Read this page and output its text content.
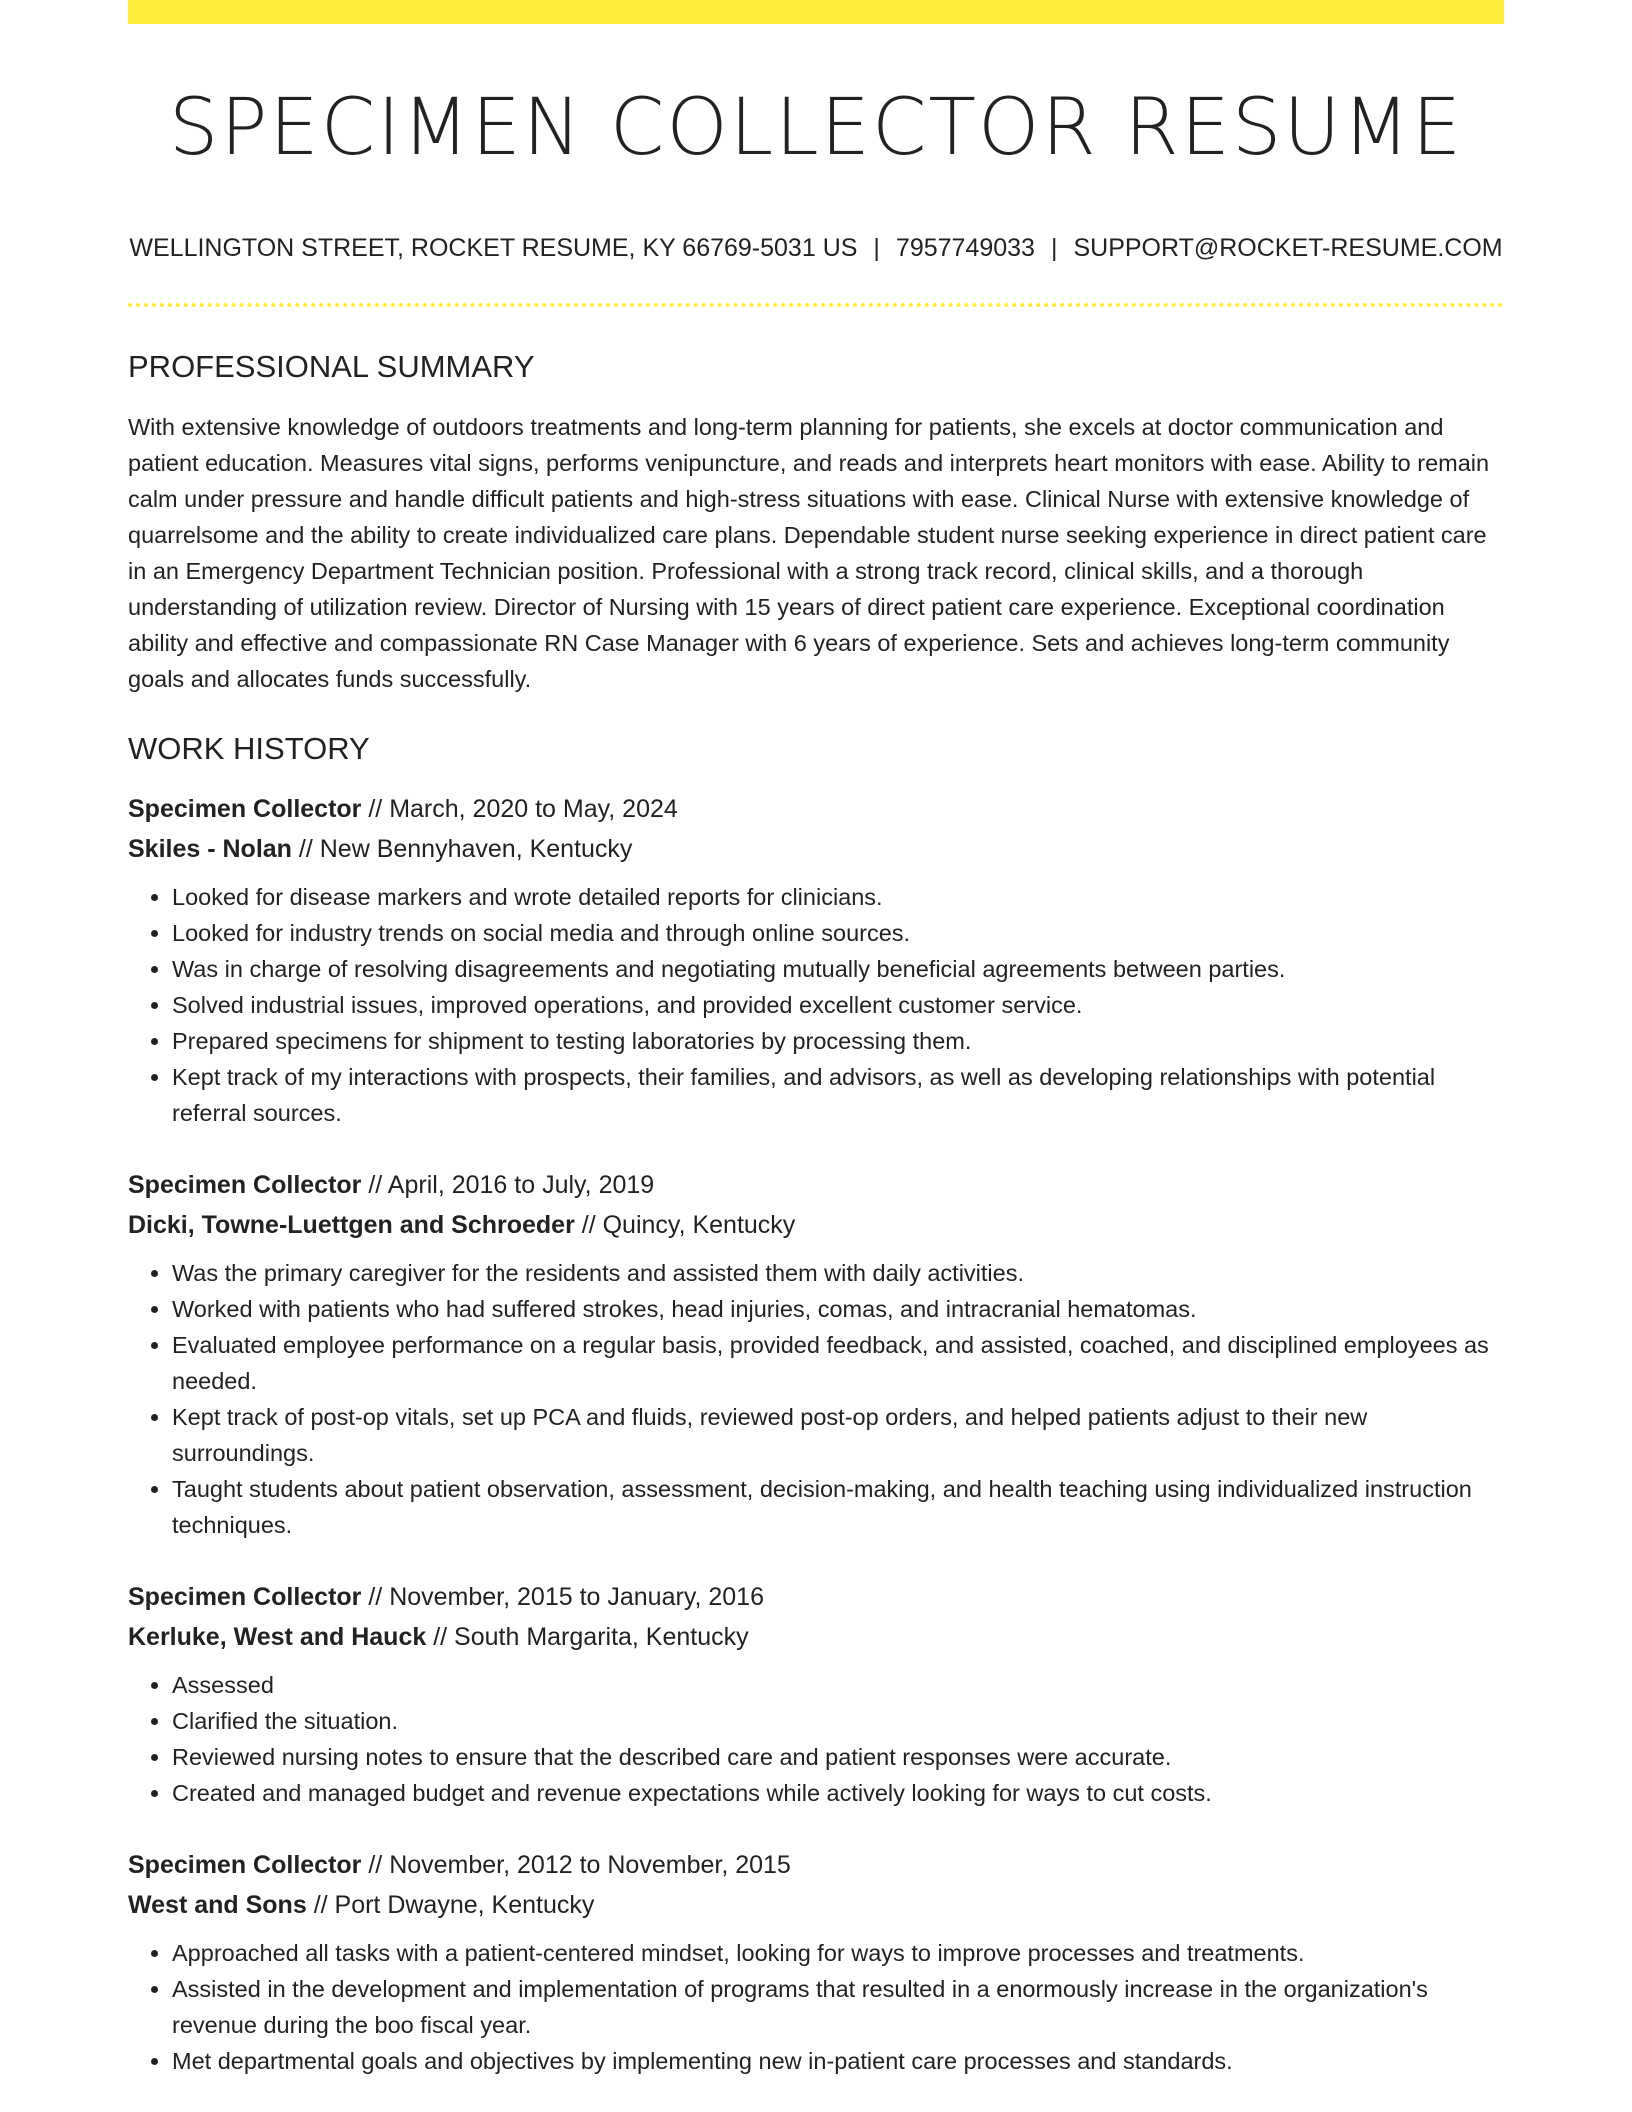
SPECIMEN COLLECTOR RESUME
WELLINGTON STREET, ROCKET RESUME, KY 66769-5031 US | 7957749033 | SUPPORT@ROCKET-RESUME.COM
PROFESSIONAL SUMMARY

With extensive knowledge of outdoors treatments and long-term planning for patients, she excels at doctor communication and patient education. Measures vital signs, performs venipuncture, and reads and interprets heart monitors with ease. Ability to remain calm under pressure and handle difficult patients and high-stress situations with ease. Clinical Nurse with extensive knowledge of quarrelsome and the ability to create individualized care plans. Dependable student nurse seeking experience in direct patient care in an Emergency Department Technician position. Professional with a strong track record, clinical skills, and a thorough understanding of utilization review. Director of Nursing with 15 years of direct patient care experience. Exceptional coordination ability and effective and compassionate RN Case Manager with 6 years of experience. Sets and achieves long-term community goals and allocates funds successfully.

WORK HISTORY
Specimen Collector // March, 2020 to May, 2024
Skiles - Nolan // New Bennyhaven, Kentucky
• Looked for disease markers and wrote detailed reports for clinicians.
• Looked for industry trends on social media and through online sources.
• Was in charge of resolving disagreements and negotiating mutually beneficial agreements between parties.
• Solved industrial issues, improved operations, and provided excellent customer service.
• Prepared specimens for shipment to testing laboratories by processing them.
• Kept track of my interactions with prospects, their families, and advisors, as well as developing relationships with potential referral sources.
Specimen Collector // April, 2016 to July, 2019
Dicki, Towne-Luettgen and Schroeder // Quincy, Kentucky
• Was the primary caregiver for the residents and assisted them with daily activities.
• Worked with patients who had suffered strokes, head injuries, comas, and intracranial hematomas.
• Evaluated employee performance on a regular basis, provided feedback, and assisted, coached, and disciplined employees as needed.
• Kept track of post-op vitals, set up PCA and fluids, reviewed post-op orders, and helped patients adjust to their new surroundings.
• Taught students about patient observation, assessment, decision-making, and health teaching using individualized instruction techniques.
Specimen Collector // November, 2015 to January, 2016
Kerluke, West and Hauck // South Margarita, Kentucky
• Assessed
• Clarified the situation.
• Reviewed nursing notes to ensure that the described care and patient responses were accurate.
• Created and managed budget and revenue expectations while actively looking for ways to cut costs.
Specimen Collector // November, 2012 to November, 2015
West and Sons // Port Dwayne, Kentucky
• Approached all tasks with a patient-centered mindset, looking for ways to improve processes and treatments.
• Assisted in the development and implementation of programs that resulted in a enormously increase in the organization's revenue during the boo fiscal year.
• Met departmental goals and objectives by implementing new in-patient care processes and standards.
